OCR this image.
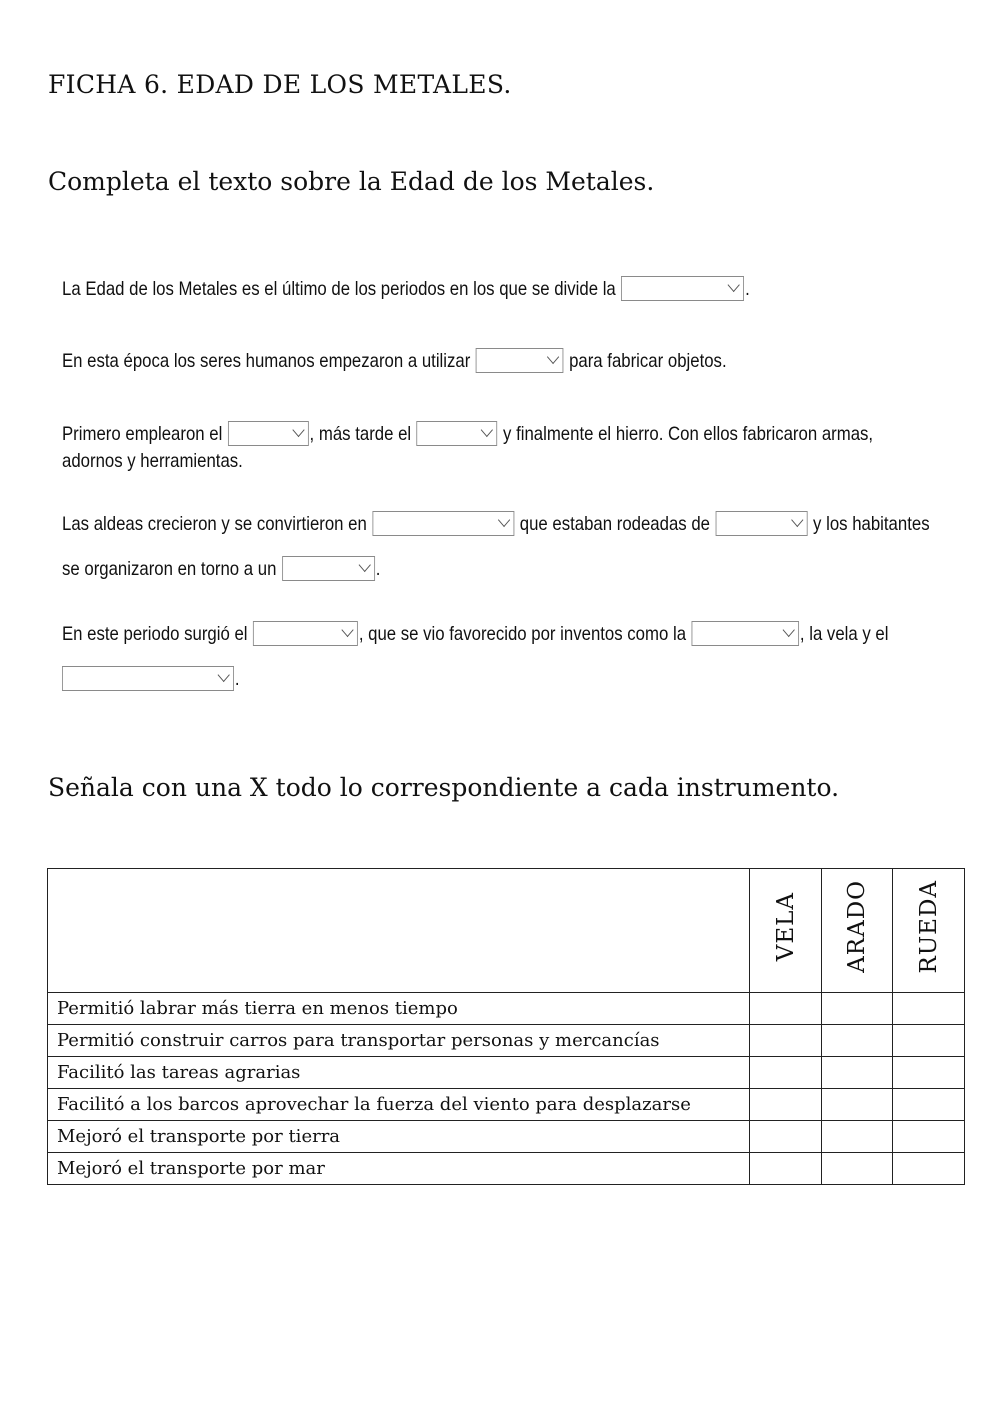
FICHA 6. EDAD DE LOS METALES.
Completa el texto sobre la Edad de los Metales.
La Edad de los Metales es el último de los periodos en los que se divide la	.
En esta época los seres humanos empezaron a utilizar	para fabricar objetos.
Primero emplearon el	, más tarde el	y finalmente el hierro. Con ellos fabricaron armas,
adornos y herramientas.
Las aldeas crecieron y se convirtieron en	que estaban rodeadas de	y los habitantes
se organizaron en torno a un	.
En este periodo surgió el	, que se vio favorecido por inventos como la	, la vela y el
.
Señala con una X todo lo correspondiente a cada instrumento.

	VELA	ARADO	RUEDA

Permitió labrar más tierra en menos tiempo			
Permitió construir carros para transportar personas y mercancías			
Facilitó las tareas agrarias			
Facilitó a los barcos aprovechar la fuerza del viento para desplazarse			
Mejoró el transporte por tierra			
Mejoró el transporte por mar			
